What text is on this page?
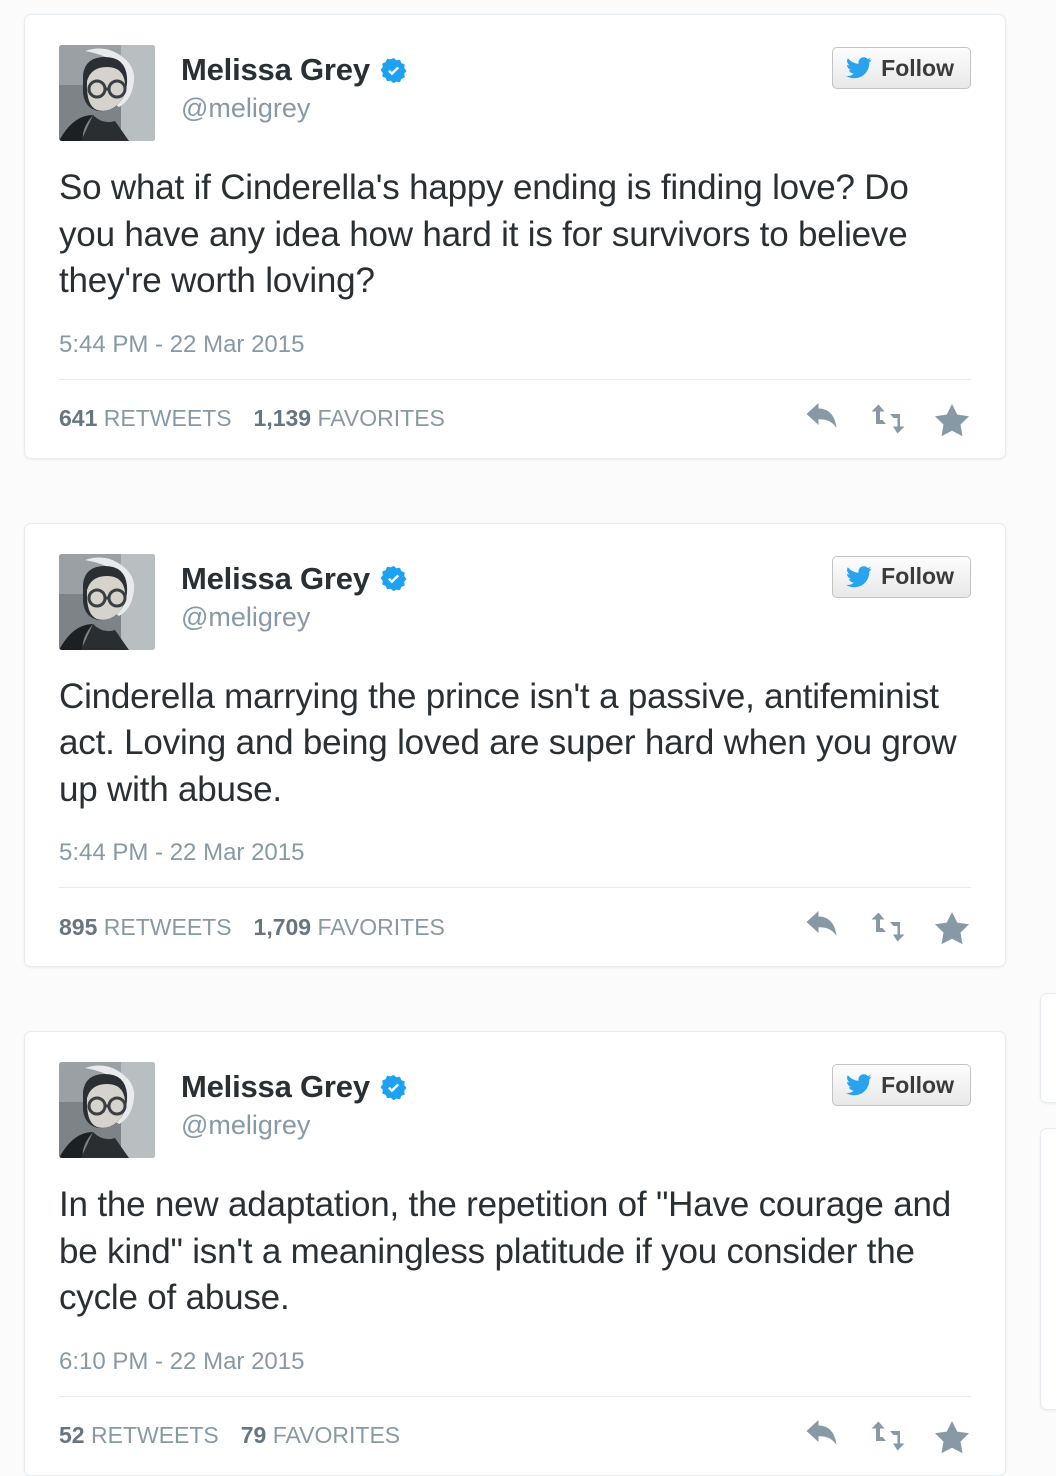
Melissa Grey
@meligrey
Follow
So what if Cinderella's happy ending is finding love? Do you have any idea how hard it is for survivors to believe they're worth loving?
5:44 PM - 22 Mar 2015
641 RETWEETS 1,139 FAVORITES
Melissa Grey
@meligrey
Follow
Cinderella marrying the prince isn't a passive, antifeminist act. Loving and being loved are super hard when you grow up with abuse.
5:44 PM - 22 Mar 2015
895 RETWEETS 1,709 FAVORITES
Melissa Grey
@meligrey
Follow
In the new adaptation, the repetition of "Have courage and be kind" isn't a meaningless platitude if you consider the cycle of abuse.
6:10 PM - 22 Mar 2015
52 RETWEETS 79 FAVORITES
